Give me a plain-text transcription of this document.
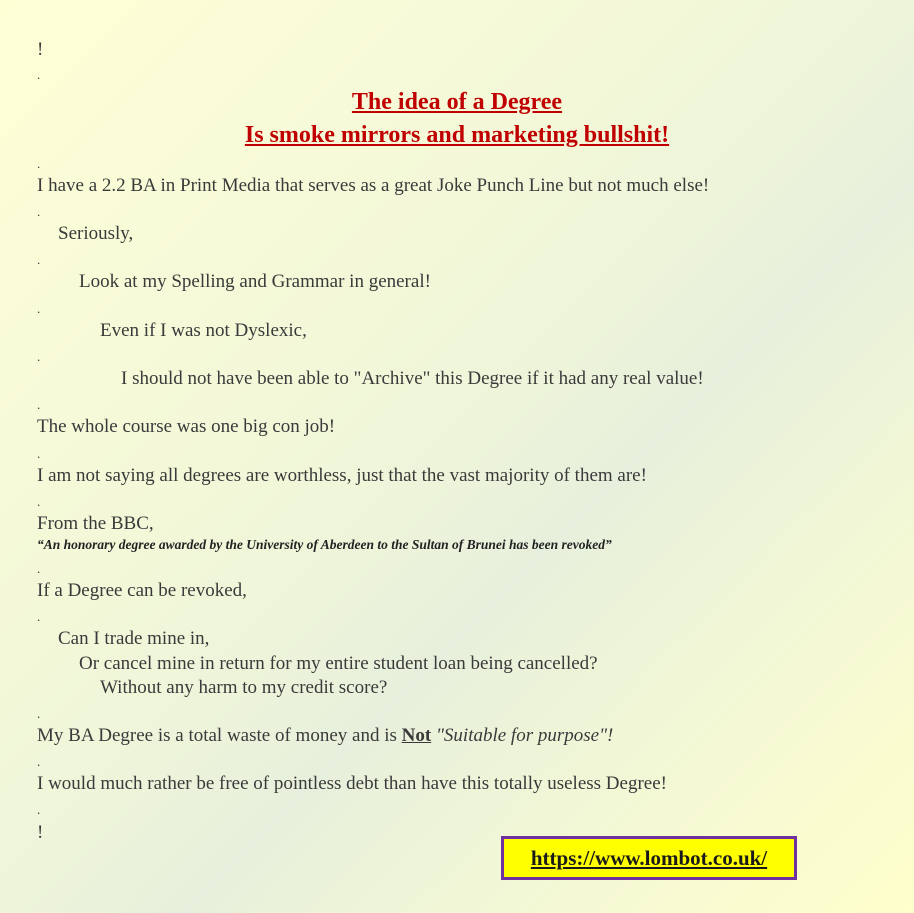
!
.
The idea of a Degree
Is smoke mirrors and marketing bullshit!
.
I have a 2.2 BA in Print Media that serves as a great Joke Punch Line but not much else!
.
Seriously,
.
Look at my Spelling and Grammar in general!
.
Even if I was not Dyslexic,
.
I should not have been able to "Archive" this Degree if it had any real value!
.
The whole course was one big con job!
.
I am not saying all degrees are worthless, just that the vast majority of them are!
.
From the BBC,
“An honorary degree awarded by the University of Aberdeen to the Sultan of Brunei has been revoked”
.
If a Degree can be revoked,
.
Can I trade mine in,
Or cancel mine in return for my entire student loan being cancelled?
Without any harm to my credit score?
.
My BA Degree is a total waste of money and is Not "Suitable for purpose"!
.
I would much rather be free of pointless debt than have this totally useless Degree!
.
!
https://www.lombot.co.uk/
